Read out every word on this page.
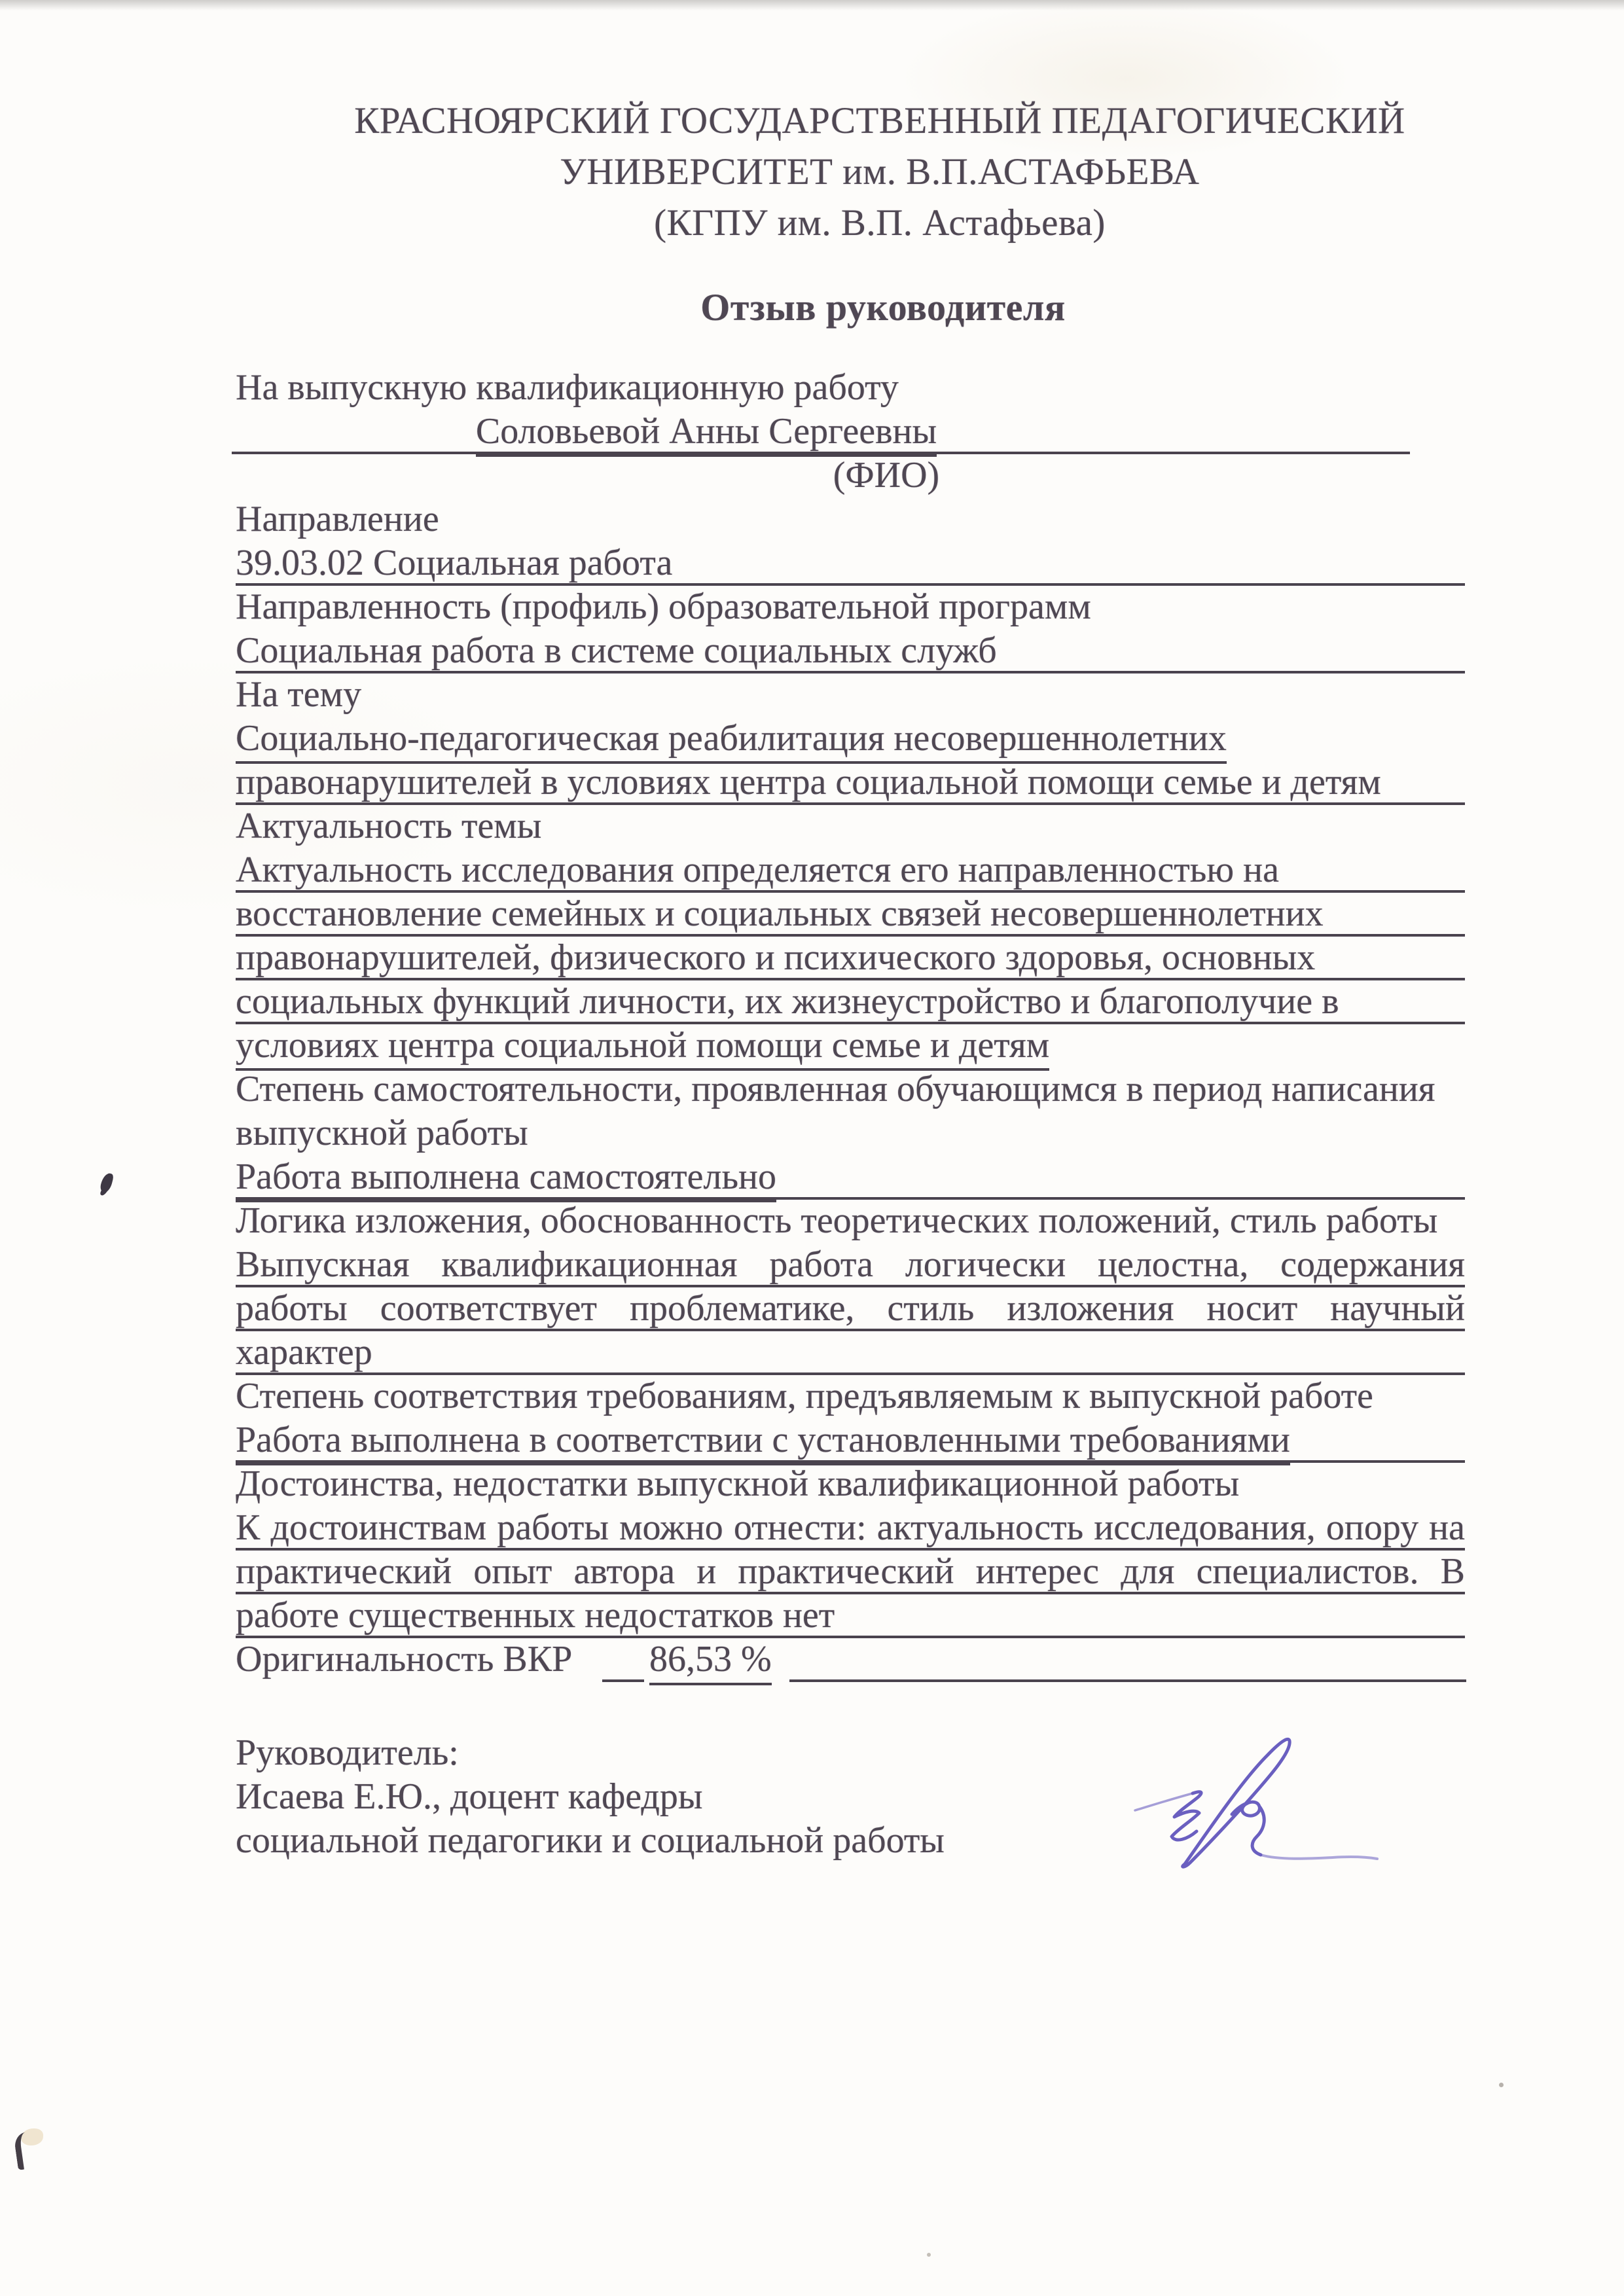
КРАСНОЯРСКИЙ ГОСУДАРСТВЕННЫЙ ПЕДАГОГИЧЕСКИЙ
УНИВЕРСИТЕТ им. В.П.АСТАФЬЕВА
(КГПУ им. В.П. Астафьева)
Отзыв руководителя
На выпускную квалификационную работу
Соловьевой Анны Сергеевны
(ФИО)
Направление
39.03.02 Социальная работа
Направленность (профиль) образовательной программ
Социальная работа в системе социальных служб
На тему
Социально-педагогическая реабилитация несовершеннолетних
правонарушителей в условиях центра социальной помощи семье и детям
Актуальность темы
Актуальность исследования определяется его направленностью на
восстановление семейных и социальных связей несовершеннолетних
правонарушителей, физического и психического здоровья, основных
социальных функций личности, их жизнеустройство и благополучие в
условиях центра социальной помощи семье и детям
Степень самостоятельности, проявленная обучающимся в период написания
выпускной работы
Работа выполнена самостоятельно
Логика изложения, обоснованность теоретических положений, стиль работы
Выпускная квалификационная работа логически целостна, содержания
работы соответствует проблематике, стиль изложения носит научный
характер
Степень соответствия требованиям, предъявляемым к выпускной работе
Работа выполнена в соответствии с установленными требованиями
Достоинства, недостатки выпускной квалификационной работы
К достоинствам работы можно отнести: актуальность исследования, опору на
практический опыт автора и практический интерес для специалистов. В
работе существенных недостатков нет
Оригинальность ВКР 86,53 %
Руководитель:
Исаева Е.Ю., доцент кафедры
социальной педагогики и социальной работы
